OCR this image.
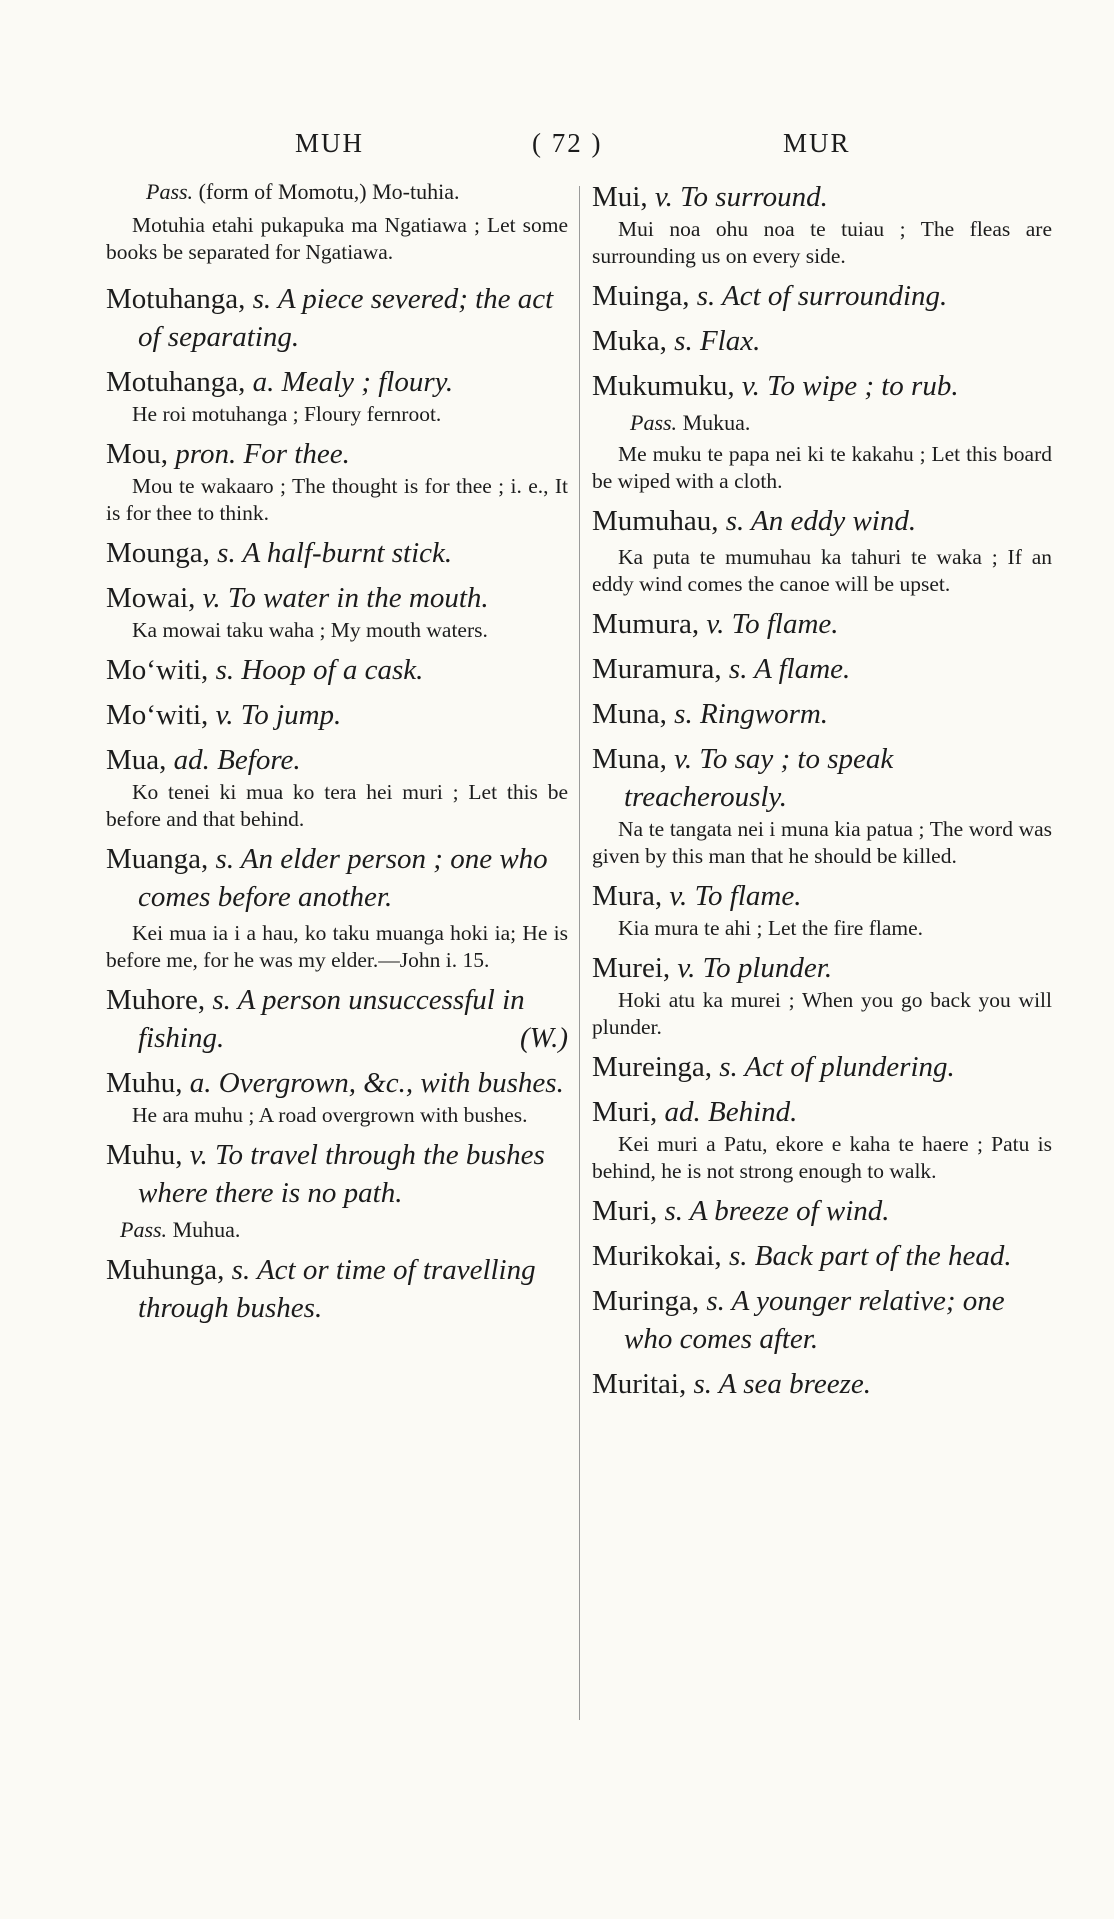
MUH	( 72 )	MUR
Pass. (form of Momotu,) Mo-tuhia.
Motuhia etahi pukapuka ma Ngatiawa ; Let some books be separated for Ngatiawa.
Motuhanga, s. A piece severed; the act of separating.
Motuhanga, a. Mealy ; floury.
He roi motuhanga ; Floury fernroot.
Mou, pron. For thee.
Mou te wakaaro ; The thought is for thee ; i. e., It is for thee to think.
Mounga, s. A half-burnt stick.
Mowai, v. To water in the mouth.
Ka mowai taku waha ; My mouth waters.
Mo‘witi, s. Hoop of a cask.
Mo‘witi, v. To jump.
Mua, ad. Before.
Ko tenei ki mua ko tera hei muri ; Let this be before and that behind.
Muanga, s. An elder person ; one who comes before another.
Kei mua ia i a hau, ko taku muanga hoki ia; He is before me, for he was my elder.—John i. 15.
Muhore, s. A person unsuccessful in fishing.	(W.)
Muhu, a. Overgrown, &c., with bushes.
He ara muhu ; A road overgrown with bushes.
Muhu, v. To travel through the bushes where there is no path.
Pass. Muhua.
Muhunga, s. Act or time of travelling through bushes.
Mui, v. To surround.
Mui noa ohu noa te tuiau ; The fleas are surrounding us on every side.
Muinga, s. Act of surrounding.
Muka, s. Flax.
Mukumuku, v. To wipe ; to rub.
Pass. Mukua.
Me muku te papa nei ki te kakahu ; Let this board be wiped with a cloth.
Mumuhau, s. An eddy wind.
Ka puta te mumuhau ka tahuri te waka ; If an eddy wind comes the canoe will be upset.
Mumura, v. To flame.
Muramura, s. A flame.
Muna, s. Ringworm.
Muna, v. To say ; to speak treacherously.
Na te tangata nei i muna kia patua ; The word was given by this man that he should be killed.
Mura, v. To flame.
Kia mura te ahi ; Let the fire flame.
Murei, v. To plunder.
Hoki atu ka murei ; When you go back you will plunder.
Mureinga, s. Act of plundering.
Muri, ad. Behind.
Kei muri a Patu, ekore e kaha te haere ; Patu is behind, he is not strong enough to walk.
Muri, s. A breeze of wind.
Murikokai, s. Back part of the head.
Muringa, s. A younger relative; one who comes after.
Muritai, s. A sea breeze.
